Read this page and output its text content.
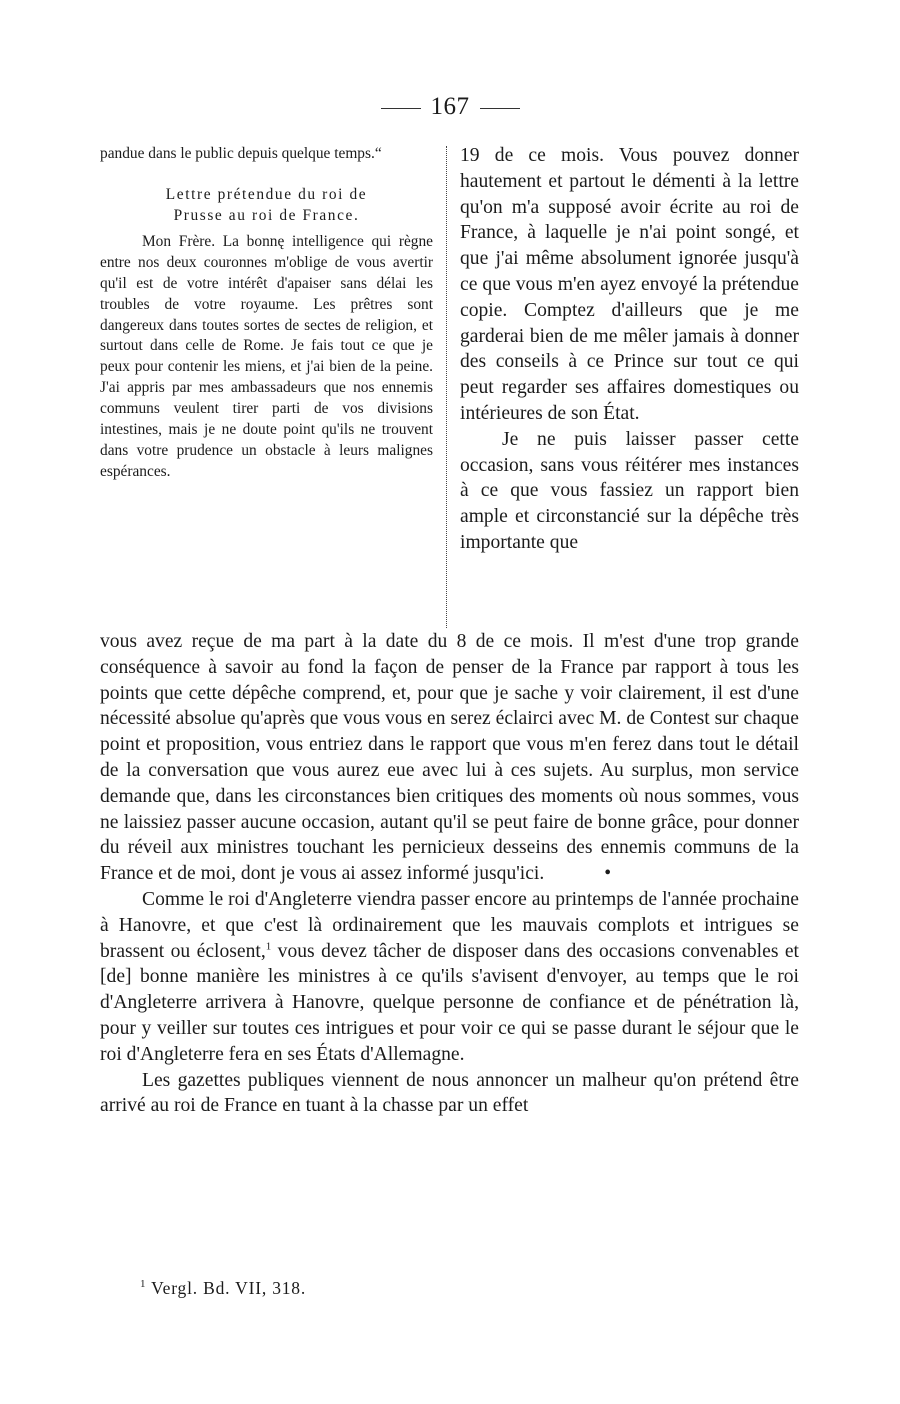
167

pandue dans le public depuis quelque temps.“

Lettre prétendue du roi de
Prusse au roi de France.

Mon Frère. La bonnę intelligence qui règne entre nos deux couronnes m'oblige de vous avertir qu'il est de votre intérêt d'apaiser sans délai les troubles de votre royaume. Les prêtres sont dangereux dans toutes sortes de sectes de religion, et surtout dans celle de Rome. Je fais tout ce que je peux pour contenir les miens, et j'ai bien de la peine. J'ai appris par mes ambassadeurs que nos ennemis communs veulent tirer parti de vos divisions intestines, mais je ne doute point qu'ils ne trouvent dans votre prudence un obstacle à leurs malignes espérances.

19 de ce mois. Vous pouvez donner hautement et partout le démenti à la lettre qu'on m'a supposé avoir écrite au roi de France, à laquelle je n'ai point songé, et que j'ai même absolument ignorée jusqu'à ce que vous m'en ayez envoyé la prétendue copie. Comptez d'ailleurs que je me garderai bien de me mêler jamais à donner des conseils à ce Prince sur tout ce qui peut regarder ses affaires domestiques ou intérieures de son État.

Je ne puis laisser passer cette occasion, sans vous réitérer mes instances à ce que vous fassiez un rapport bien ample et circonstancié sur la dépêche très importante que

vous avez reçue de ma part à la date du 8 de ce mois. Il m'est d'une trop grande conséquence à savoir au fond la façon de penser de la France par rapport à tous les points que cette dépêche comprend, et, pour que je sache y voir clairement, il est d'une nécessité absolue qu'après que vous vous en serez éclairci avec M. de Contest sur chaque point et proposition, vous entriez dans le rapport que vous m'en ferez dans tout le détail de la conversation que vous aurez eue avec lui à ces sujets. Au surplus, mon service demande que, dans les circonstances bien critiques des moments où nous sommes, vous ne laissiez passer aucune occasion, autant qu'il se peut faire de bonne grâce, pour donner du réveil aux ministres touchant les pernicieux desseins des ennemis communs de la France et de moi, dont je vous ai assez informé jusqu'ici.	•

Comme le roi d'Angleterre viendra passer encore au printemps de l'année prochaine à Hanovre, et que c'est là ordinairement que les mauvais complots et intrigues se brassent ou éclosent,$^1$ vous devez tâcher de disposer dans des occasions convenables et [de] bonne manière les ministres à ce qu'ils s'avisent d'envoyer, au temps que le roi d'Angleterre arrivera à Hanovre, quelque personne de confiance et de pénétration là, pour y veiller sur toutes ces intrigues et pour voir ce qui se passe durant le séjour que le roi d'Angleterre fera en ses États d'Allemagne.

Les gazettes publiques viennent de nous annoncer un malheur qu'on prétend être arrivé au roi de France en tuant à la chasse par un effet

$^1$ Vergl. Bd. VII, 318.
